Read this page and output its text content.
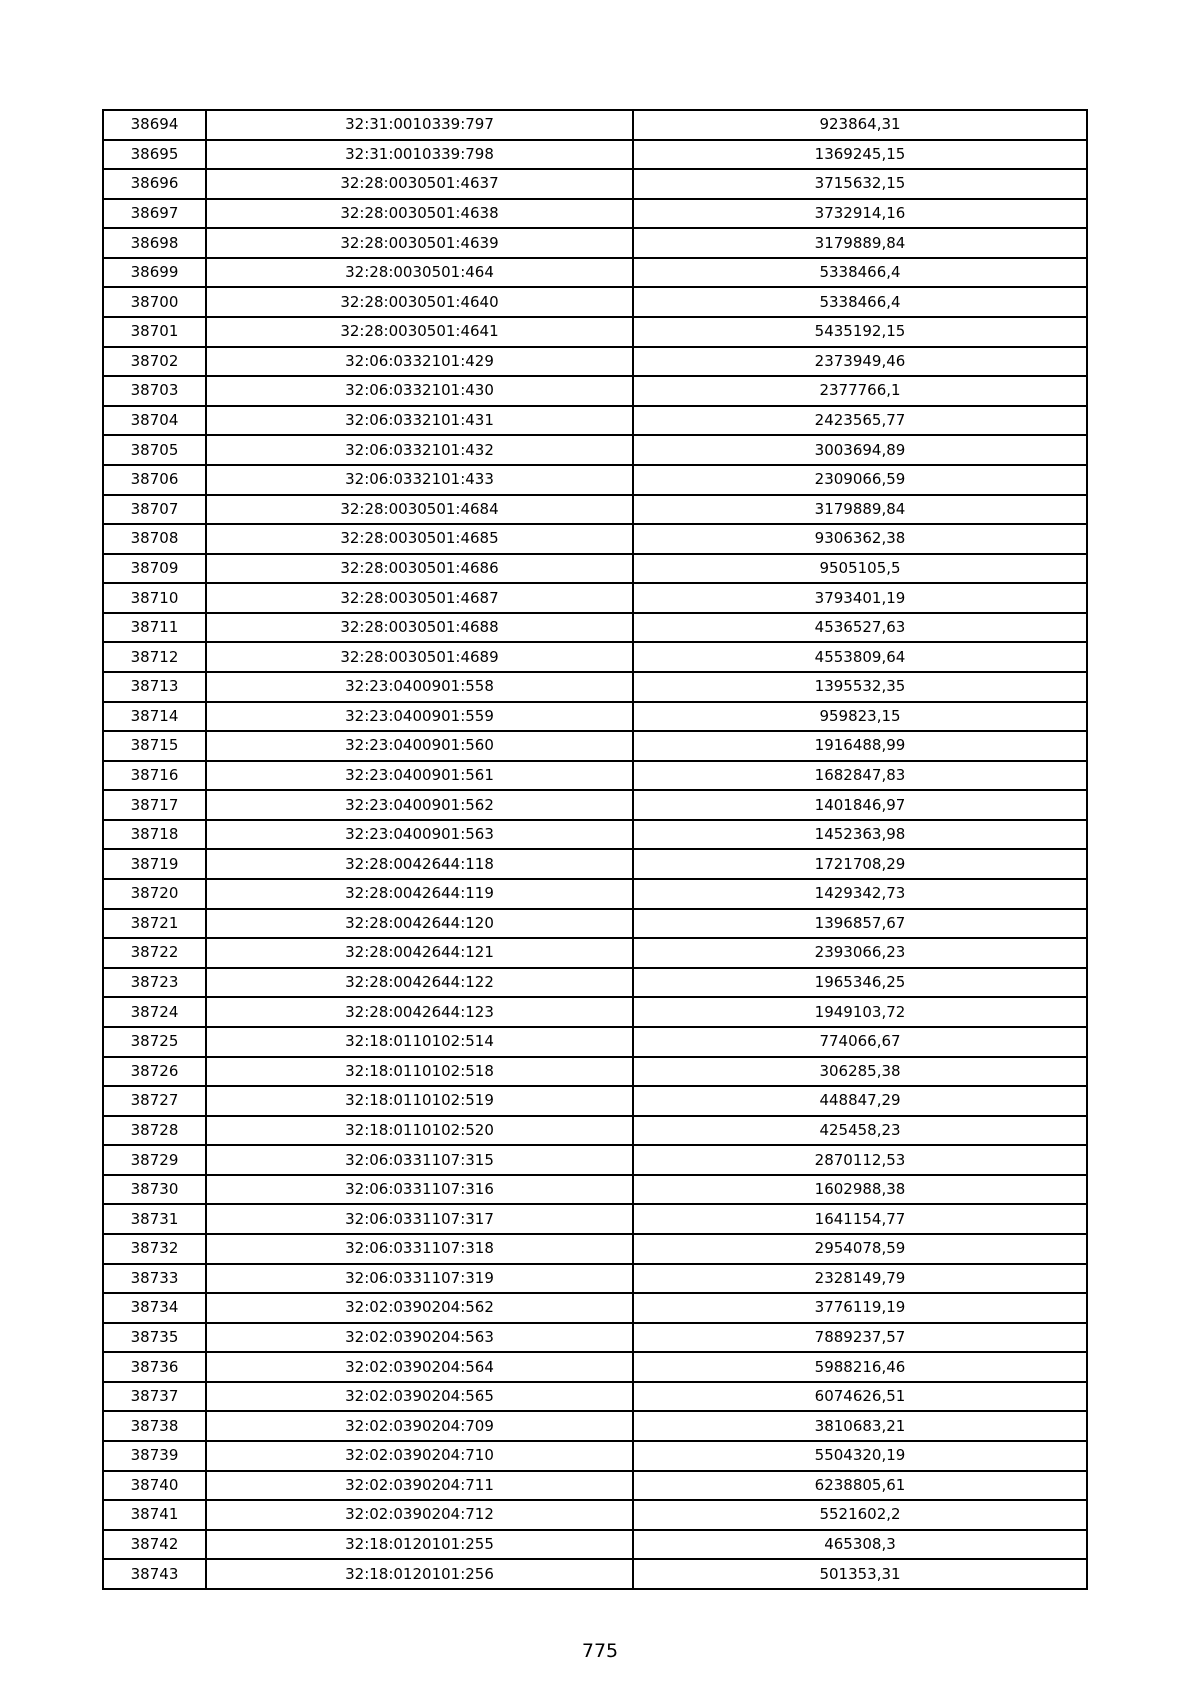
38694	32:31:0010339:797	923864,31
38695	32:31:0010339:798	1369245,15
38696	32:28:0030501:4637	3715632,15
38697	32:28:0030501:4638	3732914,16
38698	32:28:0030501:4639	3179889,84
38699	32:28:0030501:464	5338466,4
38700	32:28:0030501:4640	5338466,4
38701	32:28:0030501:4641	5435192,15
38702	32:06:0332101:429	2373949,46
38703	32:06:0332101:430	2377766,1
38704	32:06:0332101:431	2423565,77
38705	32:06:0332101:432	3003694,89
38706	32:06:0332101:433	2309066,59
38707	32:28:0030501:4684	3179889,84
38708	32:28:0030501:4685	9306362,38
38709	32:28:0030501:4686	9505105,5
38710	32:28:0030501:4687	3793401,19
38711	32:28:0030501:4688	4536527,63
38712	32:28:0030501:4689	4553809,64
38713	32:23:0400901:558	1395532,35
38714	32:23:0400901:559	959823,15
38715	32:23:0400901:560	1916488,99
38716	32:23:0400901:561	1682847,83
38717	32:23:0400901:562	1401846,97
38718	32:23:0400901:563	1452363,98
38719	32:28:0042644:118	1721708,29
38720	32:28:0042644:119	1429342,73
38721	32:28:0042644:120	1396857,67
38722	32:28:0042644:121	2393066,23
38723	32:28:0042644:122	1965346,25
38724	32:28:0042644:123	1949103,72
38725	32:18:0110102:514	774066,67
38726	32:18:0110102:518	306285,38
38727	32:18:0110102:519	448847,29
38728	32:18:0110102:520	425458,23
38729	32:06:0331107:315	2870112,53
38730	32:06:0331107:316	1602988,38
38731	32:06:0331107:317	1641154,77
38732	32:06:0331107:318	2954078,59
38733	32:06:0331107:319	2328149,79
38734	32:02:0390204:562	3776119,19
38735	32:02:0390204:563	7889237,57
38736	32:02:0390204:564	5988216,46
38737	32:02:0390204:565	6074626,51
38738	32:02:0390204:709	3810683,21
38739	32:02:0390204:710	5504320,19
38740	32:02:0390204:711	6238805,61
38741	32:02:0390204:712	5521602,2
38742	32:18:0120101:255	465308,3
38743	32:18:0120101:256	501353,31
775
